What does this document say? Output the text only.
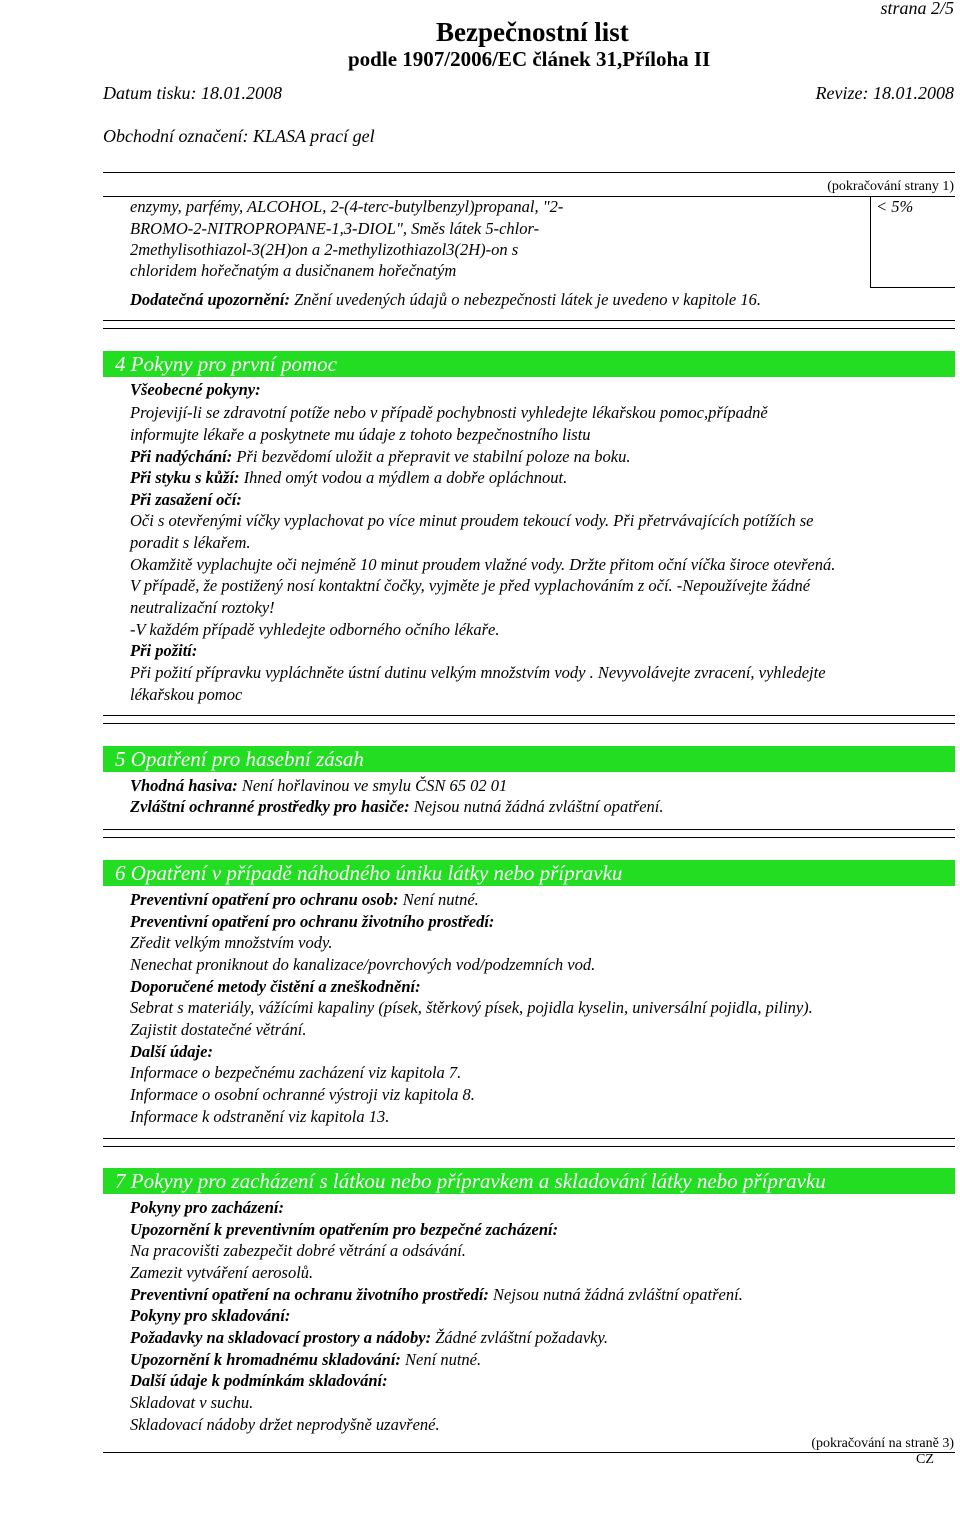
strana 2/5
Bezpečnostní list
podle 1907/2006/EC článek 31,Příloha II
Datum tisku: 18.01.2008	Revize: 18.01.2008
Obchodní označení: KLASA prací gel
(pokračování strany 1)
enzymy, parfémy, ALCOHOL, 2-(4-terc-butylbenzyl)propanal, "2-
BROMO-2-NITROPROPANE-1,3-DIOL", Směs látek 5-chlor-
2methylisothiazol-3(2H)on a 2-methylizothiazol3(2H)-on s
chloridem hořečnatým a dusičnanem hořečnatým
< 5%
Dodatečná upozornění: Znění uvedených údajů o nebezpečnosti látek je uvedeno v kapitole 16.
4 Pokyny pro první pomoc
Všeobecné pokyny:
Projevijí-li se zdravotní potíže nebo v případě pochybnosti vyhledejte lékařskou pomoc,případně
informujte lékaře a poskytnete mu údaje z tohoto bezpečnostního listu
Při nadýchání: Při bezvědomí uložit a přepravit ve stabilní poloze na boku.
Při styku s kůží: Ihned omýt vodou a mýdlem a dobře opláchnout.
Při zasažení očí:
Oči s otevřenými víčky vyplachovat po více minut proudem tekoucí vody. Při přetrvávajících potížích se
poradit s lékařem.
Okamžitě vyplachujte oči nejméně 10 minut proudem vlažné vody. Držte přitom oční víčka široce otevřená.
V případě, že postižený nosí kontaktní čočky, vyjměte je před vyplachováním z očí. -Nepoužívejte žádné
neutralizační roztoky!
-V každém případě vyhledejte odborného očního lékaře.
Při požití:
Při požití přípravku vypláchněte ústní dutinu velkým množstvím vody . Nevyvolávejte zvracení, vyhledejte
lékařskou pomoc
5 Opatření pro hasební zásah
Vhodná hasiva: Není hořlavinou ve smylu ČSN 65 02 01
Zvláštní ochranné prostředky pro hasiče: Nejsou nutná žádná zvláštní opatření.
6 Opatření v případě náhodného úniku látky nebo přípravku
Preventivní opatření pro ochranu osob: Není nutné.
Preventivní opatření pro ochranu životního prostředí:
Zředit velkým množstvím vody.
Nenechat proniknout do kanalizace/povrchových vod/podzemních vod.
Doporučené metody čistění a zneškodnění:
Sebrat s materiály, vážícími kapaliny (písek, štěrkový písek, pojidla kyselin, universální pojidla, piliny).
Zajistit dostatečné větrání.
Další údaje:
Informace o bezpečnému zacházení viz kapitola 7.
Informace o osobní ochranné výstroji viz kapitola 8.
Informace k odstranění viz kapitola 13.
7 Pokyny pro zacházení s látkou nebo přípravkem a skladování látky nebo přípravku
Pokyny pro zacházení:
Upozornění k preventivním opatřením pro bezpečné zacházení:
Na pracovišti zabezpečit dobré větrání a odsávání.
Zamezit vytváření aerosolů.
Preventivní opatření na ochranu životního prostředí: Nejsou nutná žádná zvláštní opatření.
Pokyny pro skladování:
Požadavky na skladovací prostory a nádoby: Žádné zvláštní požadavky.
Upozornění k hromadnému skladování: Není nutné.
Další údaje k podmínkám skladování:
Skladovat v suchu.
Skladovací nádoby držet neprodyšně uzavřené.
(pokračování na straně 3)
CZ
